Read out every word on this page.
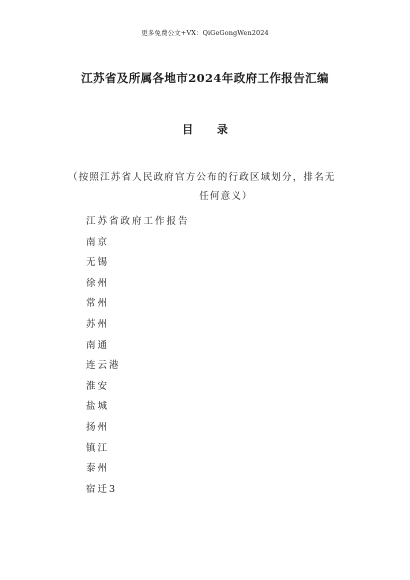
更多免费公文+VX：QiGeGongWen2024
江苏省及所属各地市2024年政府工作报告汇编
目 录
（按照江苏省人民政府官方公布的行政区域划分，排名无
任何意义）
江苏省政府工作报告
南京
无锡
徐州
常州
苏州
南通
连云港
淮安
盐城
扬州
镇江
泰州
宿迁3
